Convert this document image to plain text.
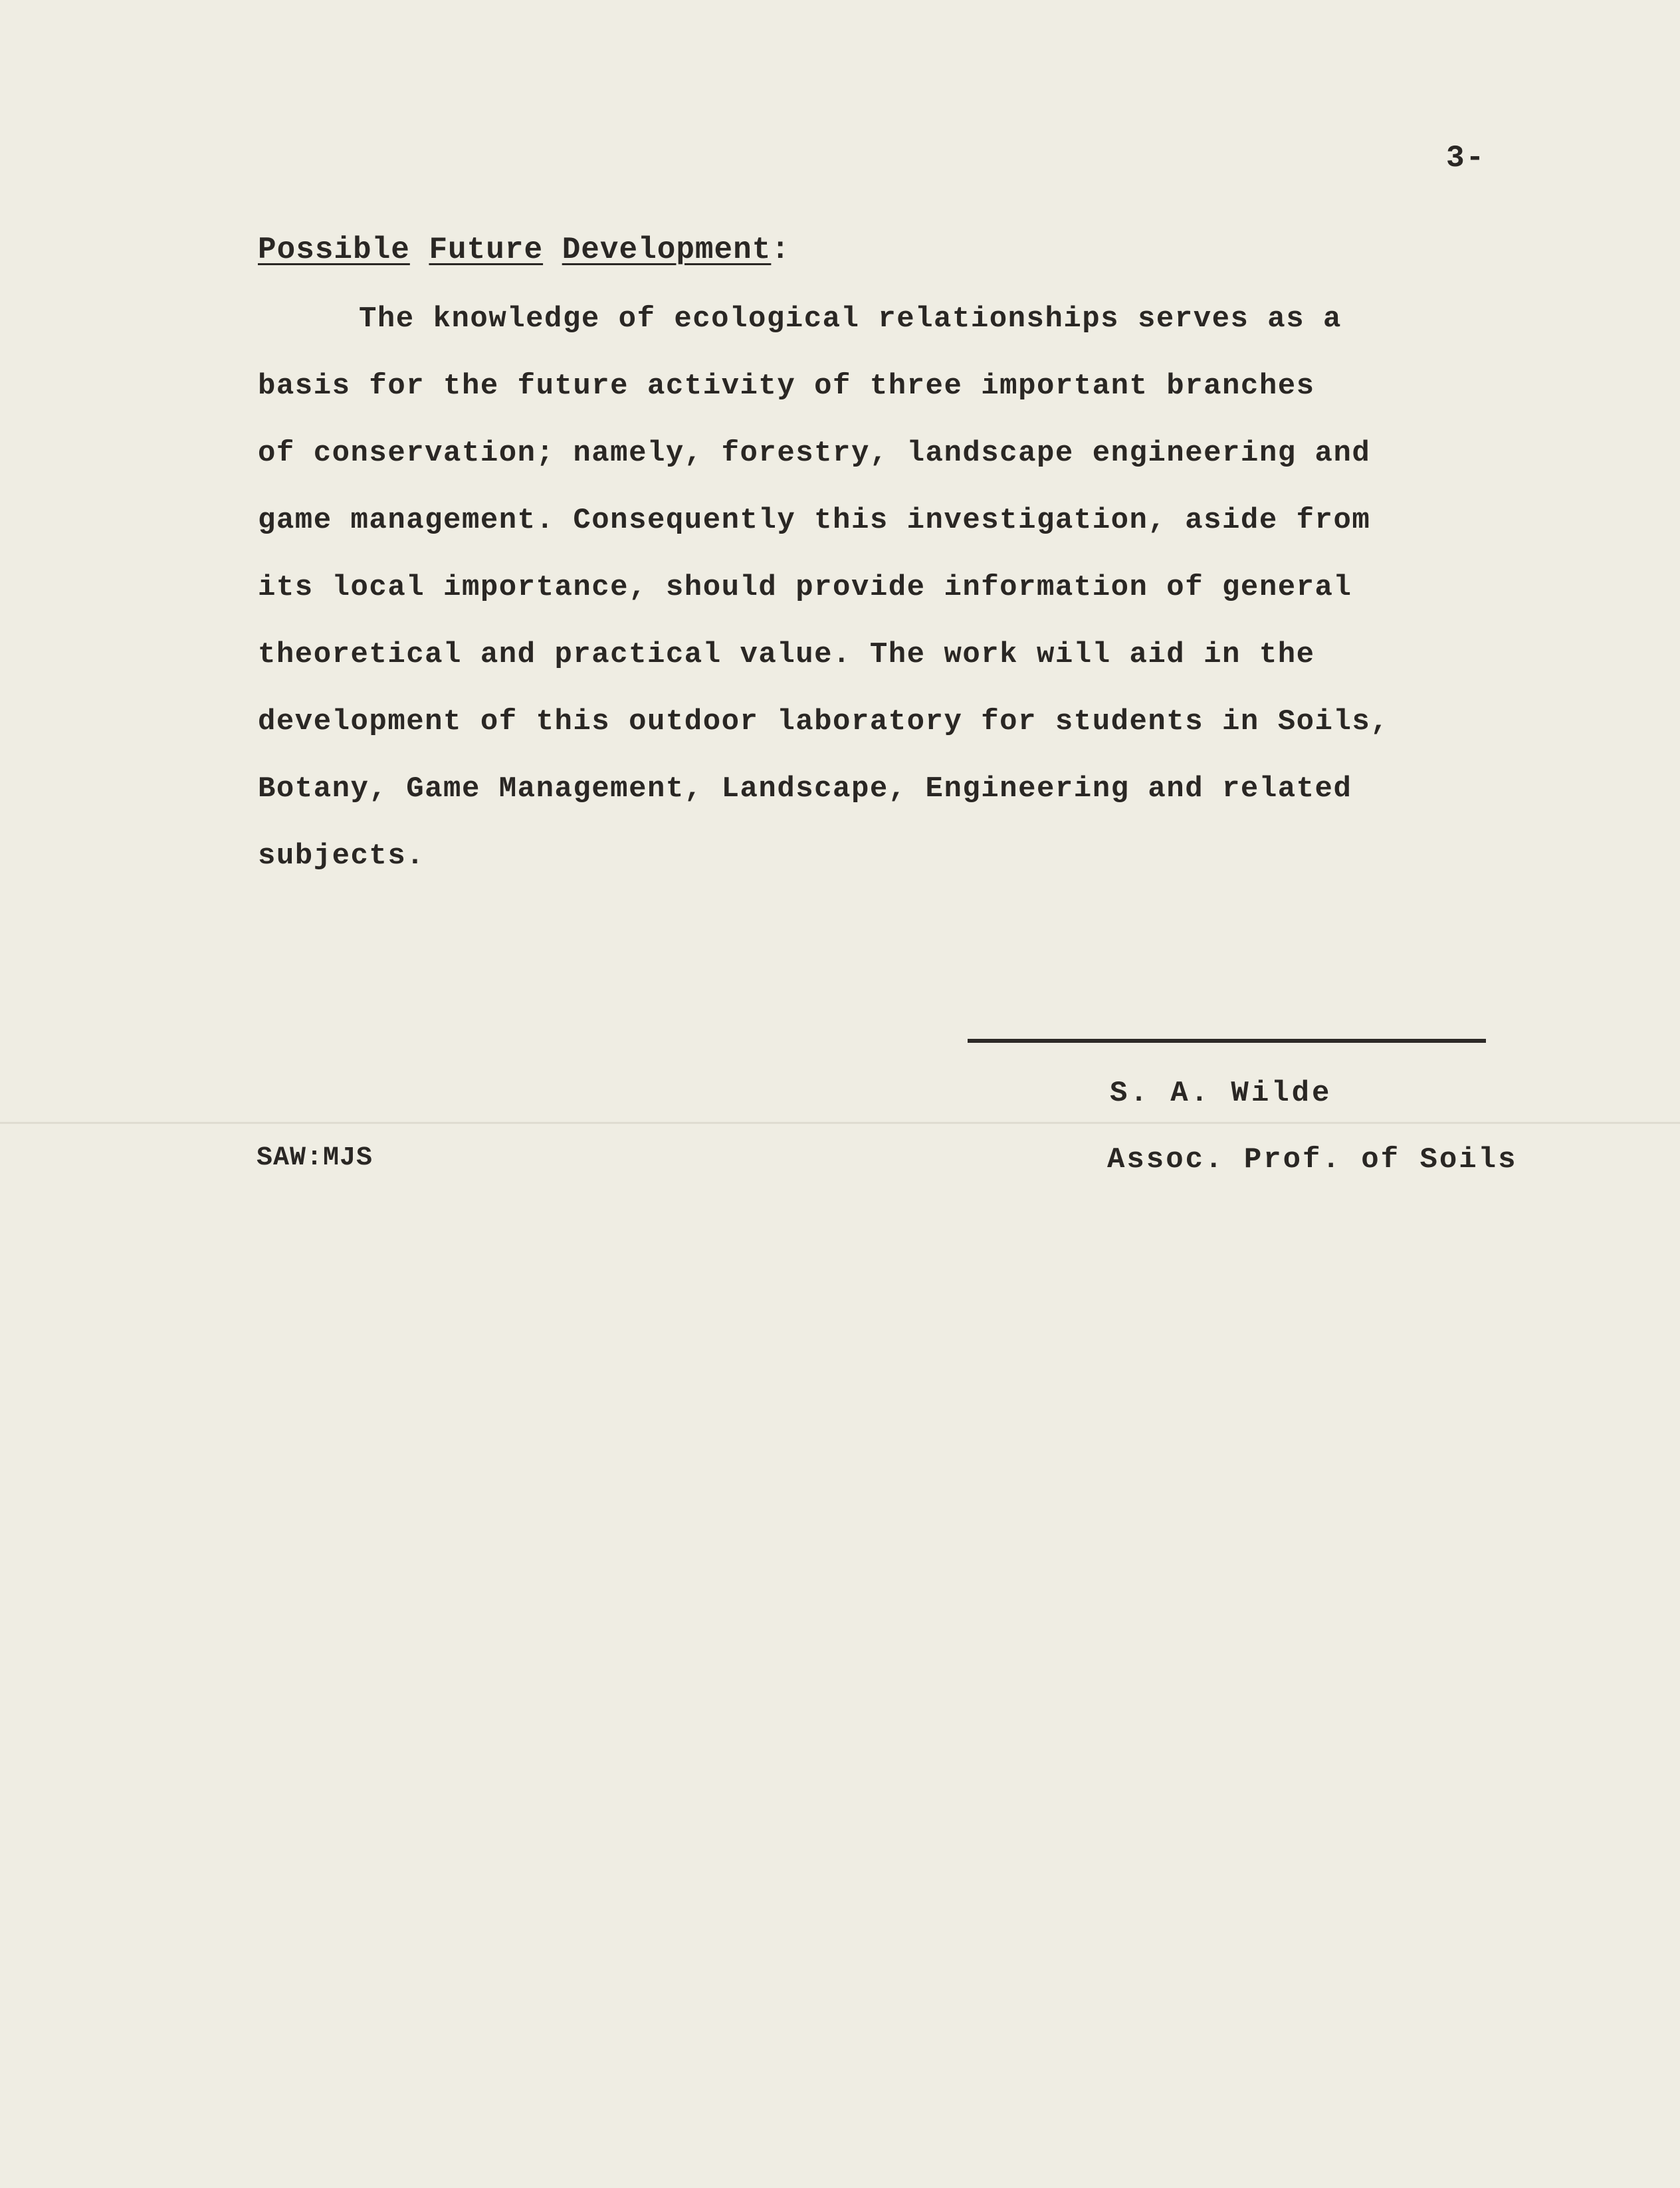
3-
Possible Future Development:
The knowledge of ecological relationships serves as a
basis for the future activity of three important branches
of conservation; namely, forestry, landscape engineering and
game management. Consequently this investigation, aside from
its local importance, should provide information of general
theoretical and practical value. The work will aid in the
development of this outdoor laboratory for students in Soils,
Botany, Game Management, Landscape, Engineering and related
subjects.
S. A. Wilde
Assoc. Prof. of Soils
SAW:MJS
